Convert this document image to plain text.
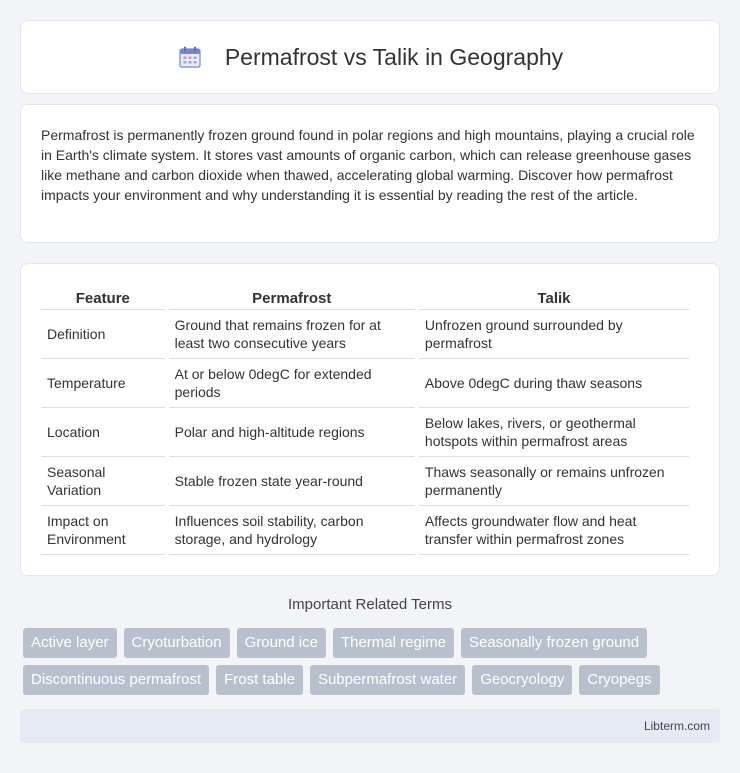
Permafrost vs Talik in Geography

Permafrost is permanently frozen ground found in polar regions and high mountains, playing a crucial role in Earth's climate system. It stores vast amounts of organic carbon, which can release greenhouse gases like methane and carbon dioxide when thawed, accelerating global warming. Discover how permafrost impacts your environment and why understanding it is essential by reading the rest of the article.

Feature	Permafrost	Talik
Definition	Ground that remains frozen for at least two consecutive years	Unfrozen ground surrounded by permafrost
Temperature	At or below 0degC for extended periods	Above 0degC during thaw seasons
Location	Polar and high-altitude regions	Below lakes, rivers, or geothermal hotspots within permafrost areas
Seasonal Variation	Stable frozen state year-round	Thaws seasonally or remains unfrozen permanently
Impact on Environment	Influences soil stability, carbon storage, and hydrology	Affects groundwater flow and heat transfer within permafrost zones
Important Related Terms
Active layer	Cryoturbation	Ground ice	Thermal regime	Seasonally frozen ground
Discontinuous permafrost	Frost table	Subpermafrost water	Geocryology	Cryopegs
Libterm.com
